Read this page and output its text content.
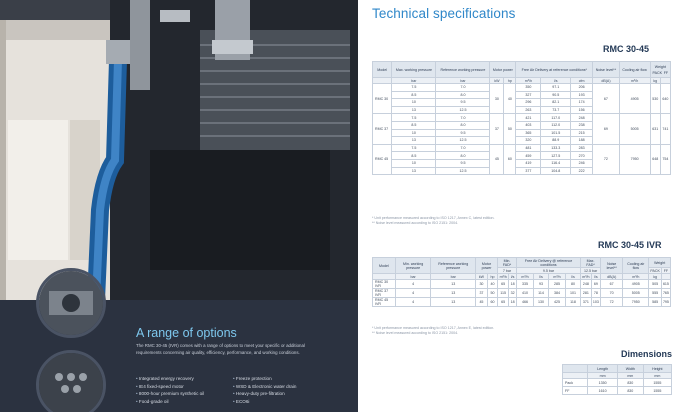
A range of options

The RMC 30-45 (IVR) comes with a range of options to meet your specific or additional requirements concerning air quality, efficiency, performance, and working conditions.

• Integrated energy recovery
• IE4 fixed-speed motor
• 8000-hour premium synthetic oil
• Food-grade oil
• Freeze protection
• WSD & Electronic water drain
• Heavy-duty pre-filtration
• ECO6i
Technical specifications
RMC 30-45
Model	Max. working pressure	Reference working pressure	Motor power		Free Air Delivery at reference conditions*			Noise level**	Cooling air flow	Weight
PACK FF	

	bar	bar	kW	hp	m³/h	l/s	cfm	dB(A)	m³/h	kg	
RMC 30	7.5	7.0	30	40	350	97.1	206	67	4905	530	640
	8.5	8.0			327	90.5	193				
	10	9.5			296	82.1	174				
	13	12.5			263	73.7	156				
RMC 37	7.5	7.0	37	50	421	117.0	248	69	5005	631	741
	8.5	8.0			403	112.0	238				
	10	9.5			365	101.5	215				
	13	12.5			320	88.9	188				
RMC 45	7.5	7.0	45	60	481	133.3	283	72	7950	648	754
	8.5	8.0			459	127.5	270				
	10	9.5			419	116.4	246				
	13	12.5			377	104.8	222				
* Unit performance measured according to ISO 1217, Annex C, latest edition.
** Noise level measured according to ISO 2151: 2004.
RMC 30-45 IVR
Model	Min. working pressure	Reference working pressure	Motor power		Min. FAD*		Free Air Delivery @ reference conditions				Max. FAD*		Noise level**	Cooling air flow	Weight	
					7 bar		9.5 bar				12.5 bar				PACK	FF
	bar	bar	kW	hp	m³/h	l/s	m³/h	l/s	m³/h	l/s	m³/h	l/s	dB(A)	m³/h	kg	
RMC 30 IVR	4	13	30	40	65	18	335	93	285	80	248	69	67	4905	505	615
RMC 37 IVR	4	13	37	50	115	32	410	114	384	101	281	78	70	5005	555	765
RMC 45 IVR	4	13	45	60	65	18	466	130	425	118	371	103	72	7950	585	795
* Unit performance measured according to ISO 1217, Annex E, latest edition.
** Noise level measured according to ISO 2151: 2004.
Dimensions
	Length	Width	Height
	mm	mm	mm
Pack	1350	830	1555
FF	1610	830	1555
